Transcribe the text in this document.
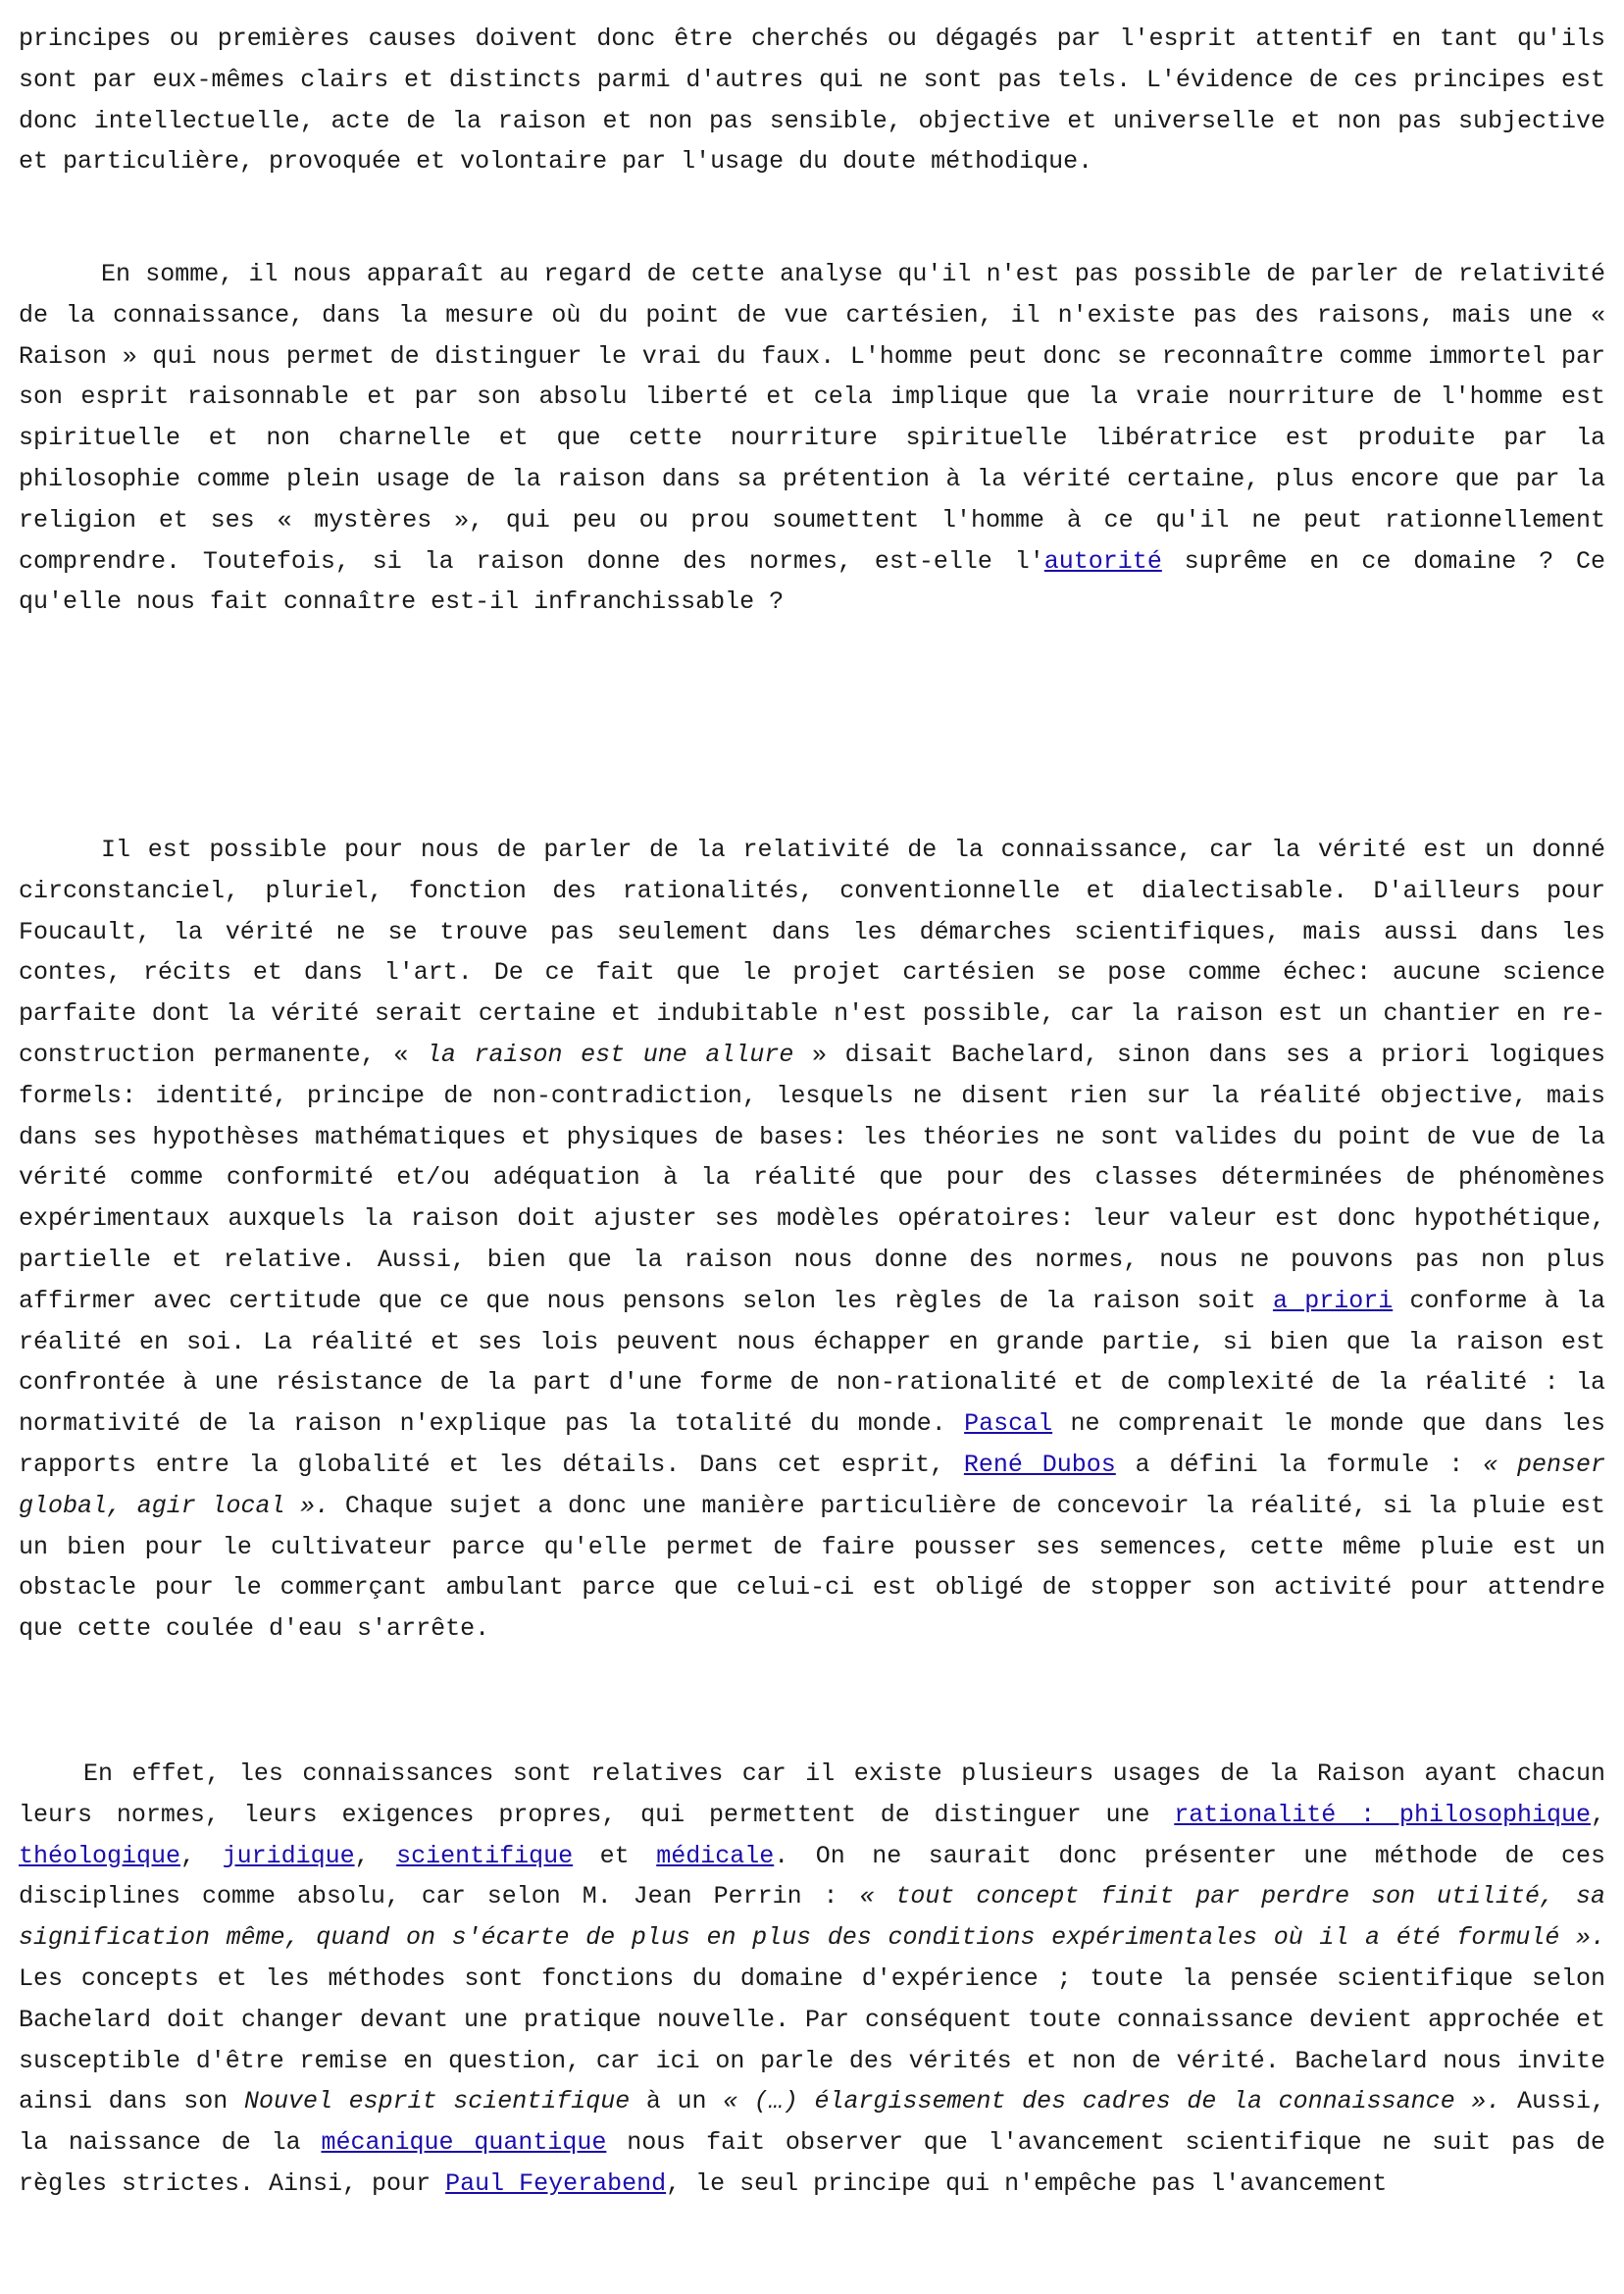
principes ou premières causes doivent donc être cherchés ou dégagés par l'esprit attentif en tant qu'ils sont par eux-mêmes clairs et distincts parmi d'autres qui ne sont pas tels. L'évidence de ces principes est donc intellectuelle, acte de la raison et non pas sensible, objective et universelle et non pas subjective et particulière, provoquée et volontaire par l'usage du doute méthodique.

En somme, il nous apparaît au regard de cette analyse qu'il n'est pas possible de parler de relativité de la connaissance, dans la mesure où du point de vue cartésien, il n'existe pas des raisons, mais une « Raison » qui nous permet de distinguer le vrai du faux. L'homme peut donc se reconnaître comme immortel par son esprit raisonnable et par son absolu liberté et cela implique que la vraie nourriture de l'homme est spirituelle et non charnelle et que cette nourriture spirituelle libératrice est produite par la philosophie comme plein usage de la raison dans sa prétention à la vérité certaine, plus encore que par la religion et ses « mystères », qui peu ou prou soumettent l'homme à ce qu'il ne peut rationnellement comprendre. Toutefois, si la raison donne des normes, est-elle l'autorité suprême en ce domaine ? Ce qu'elle nous fait connaître est-il infranchissable ?

Il est possible pour nous de parler de la relativité de la connaissance, car la vérité est un donné circonstanciel, pluriel, fonction des rationalités, conventionnelle et dialectisable. D'ailleurs pour Foucault, la vérité ne se trouve pas seulement dans les démarches scientifiques, mais aussi dans les contes, récits et dans l'art. De ce fait que le projet cartésien se pose comme échec: aucune science parfaite dont la vérité serait certaine et indubitable n'est possible, car la raison est un chantier en re-construction permanente, « la raison est une allure » disait Bachelard, sinon dans ses a priori logiques formels: identité, principe de non-contradiction, lesquels ne disent rien sur la réalité objective, mais dans ses hypothèses mathématiques et physiques de bases: les théories ne sont valides du point de vue de la vérité comme conformité et/ou adéquation à la réalité que pour des classes déterminées de phénomènes expérimentaux auxquels la raison doit ajuster ses modèles opératoires: leur valeur est donc hypothétique, partielle et relative. Aussi, bien que la raison nous donne des normes, nous ne pouvons pas non plus affirmer avec certitude que ce que nous pensons selon les règles de la raison soit a priori conforme à la réalité en soi. La réalité et ses lois peuvent nous échapper en grande partie, si bien que la raison est confrontée à une résistance de la part d'une forme de non-rationalité et de complexité de la réalité : la normativité de la raison n'explique pas la totalité du monde. Pascal ne comprenait le monde que dans les rapports entre la globalité et les détails. Dans cet esprit, René Dubos a défini la formule : « penser global, agir local ». Chaque sujet a donc une manière particulière de concevoir la réalité, si la pluie est un bien pour le cultivateur parce qu'elle permet de faire pousser ses semences, cette même pluie est un obstacle pour le commerçant ambulant parce que celui-ci est obligé de stopper son activité pour attendre que cette coulée d'eau s'arrête.

En effet, les connaissances sont relatives car il existe plusieurs usages de la Raison ayant chacun leurs normes, leurs exigences propres, qui permettent de distinguer une rationalité : philosophique, théologique, juridique, scientifique et médicale. On ne saurait donc présenter une méthode de ces disciplines comme absolu, car selon M. Jean Perrin : « tout concept finit par perdre son utilité, sa signification même, quand on s'écarte de plus en plus des conditions expérimentales où il a été formulé ». Les concepts et les méthodes sont fonctions du domaine d'expérience ; toute la pensée scientifique selon Bachelard doit changer devant une pratique nouvelle. Par conséquent toute connaissance devient approchée et susceptible d'être remise en question, car ici on parle des vérités et non de vérité. Bachelard nous invite ainsi dans son Nouvel esprit scientifique à un « (…) élargissement des cadres de la connaissance ». Aussi, la naissance de la mécanique quantique nous fait observer que l'avancement scientifique ne suit pas de règles strictes. Ainsi, pour Paul Feyerabend, le seul principe qui n'empêche pas l'avancement
